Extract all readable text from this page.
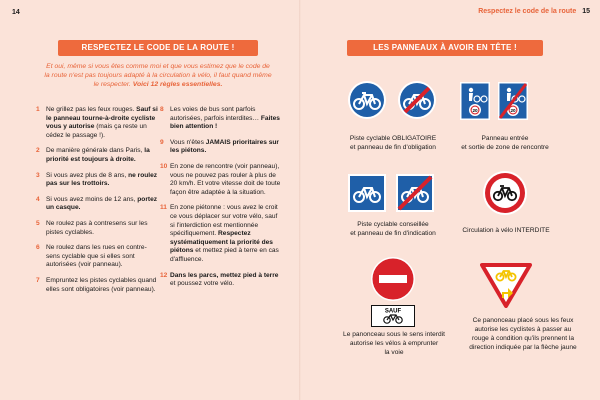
14
RESPECTEZ LE CODE DE LA ROUTE !
Et oui, même si vous êtes comme moi et que vous estimez que le code de la route n'est pas toujours adapté à la circulation à vélo, il faut quand même le respecter. Voici 12 règles essentielles.
1 Ne grillez pas les feux rouges. Sauf si le panneau tourne-à-droite cycliste vous y autorise (mais ça reste un cédez le passage !).
2 De manière générale dans Paris, la priorité est toujours à droite.
3 Si vous avez plus de 8 ans, ne roulez pas sur les trottoirs.
4 Si vous avez moins de 12 ans, portez un casque.
5 Ne roulez pas à contresens sur les pistes cyclables.
6 Ne roulez dans les rues en contre-sens cyclable que si elles sont autorisées (voir panneau).
7 Empruntez les pistes cyclables quand elles sont obligatoires (voir panneau).
8 Les voies de bus sont parfois autorisées, parfois interdites… Faites bien attention !
9 Vous n'êtes JAMAIS prioritaires sur les piétons.
10 En zone de rencontre (voir panneau), vous ne pouvez pas rouler à plus de 20 km/h. Et votre vitesse doit de toute façon être adaptée à la situation.
11 En zone piétonne : vous avez le croit ce vous déplacer sur votre vélo, sauf si l'interdiction est mentionnée spécifiquement. Respectez systématiquement la priorité des piétons et mettez pied à terre en cas d'affluence.
12 Dans les parcs, mettez pied à terre et poussez votre vélo.
Respectez le code de la route 15
LES PANNEAUX À AVOIR EN TÊTE !
Piste cyclable OBLIGATOIRE
et panneau de fin d'obligation
20	20
Panneau entrée
et sortie de zone de rencontre
Piste cyclable conseillée
et panneau de fin d'indication	Circulation à vélo INTERDITE
SAUF
Le panonceau sous le sens interdit
autorise les vélos à emprunter
la voie
Ce panonceau placé sous les feux
autorise les cyclistes à passer au
rouge à condition qu'ils prennent la
direction indiquée par la flèche jaune
